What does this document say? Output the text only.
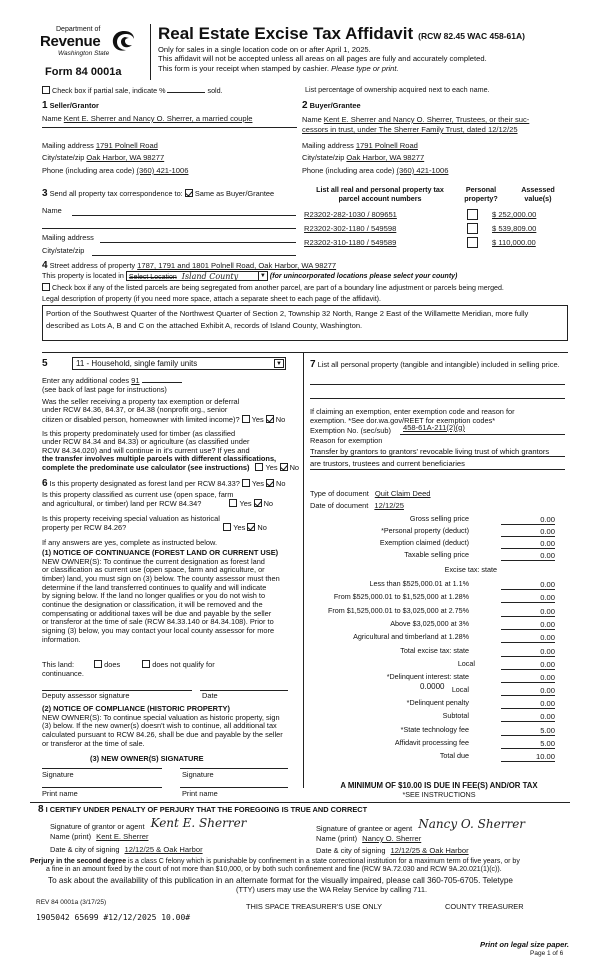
Department of
Revenue
Washington State
Form 84 0001a
Real Estate Excise Tax Affidavit (RCW 82.45 WAC 458-61A)
Only for sales in a single location code on or after April 1, 2025.
This affidavit will not be accepted unless all areas on all pages are fully and accurately completed.
This form is your receipt when stamped by cashier. Please type or print.
Check box if partial sale, indicate %	sold.	List percentage of ownership acquired next to each name.
1 Seller/Grantor
Name Kent E. Sherrer and Nancy O. Sherrer, a married couple
Mailing address 1791 Polnell Road
City/state/zip Oak Harbor, WA 98277
Phone (including area code) (360) 421-1006
2 Buyer/Grantee
Name Kent E. Sherrer and Nancy O. Sherrer, Trustees, or their suc-
cessors in trust, under The Sherrer Family Trust, dated 12/12/25
Mailing address 1791 Polnell Road
City/state/zip Oak Harbor, WA 98277
Phone (including area code) (360) 421-1006
3 Send all property tax correspondence to: Same as Buyer/Grantee
Name
Mailing address
City/state/zip
List all real and personal property tax
parcel account numbers
Personal
property?
Assessed
value(s)
R23202-282-1030 / 809651	$ 252,000.00
R23202-302-1180 / 549598	$ 539,809.00
R23202-310-1180 / 549589	$ 110,000.00
4 Street address of property 1787, 1791 and 1801 Polnell Road, Oak Harbor, WA 98277
This property is located in Select Location Island County	▼ (for unincorporated locations please select your county)
Check box if any of the listed parcels are being segregated from another parcel, are part of a boundary line adjustment or parcels being merged.
Legal description of property (if you need more space, attach a separate sheet to each page of the affidavit).
Portion of the Southwest Quarter of the Northwest Quarter of Section 2, Township 32 North, Range 2 East of the Willamette Meridian, more fully
described as Lots A, B and C on the attached Exhibit A, records of Island County, Washington.
5	11 - Household, single family units	▼
Enter any additional codes 91
(see back of last page for instructions)
Was the seller receiving a property tax exemption or deferral
under RCW 84.36, 84.37, or 84.38 (nonprofit org., senior
citizen or disabled person, homeowner with limited income)? Yes No
Is this property predominately used for timber (as classified
under RCW 84.34 and 84.33) or agriculture (as classified under
RCW 84.34.020) and will continue in it's current use? If yes and
the transfer involves multiple parcels with different classifications,
complete the predominate use calculator (see instructions) Yes No
6 Is this property designated as forest land per RCW 84.33? Yes No
Is this property classified as current use (open space, farm
and agricultural, or timber) land per RCW 84.34?	Yes No
Is this property receiving special valuation as historical
property per RCW 84.26?	Yes No
If any answers are yes, complete as instructed below.
(1) NOTICE OF CONTINUANCE (FOREST LAND OR CURRENT USE)
NEW OWNER(S): To continue the current designation as forest land
or classification as current use (open space, farm and agriculture, or
timber) land, you must sign on (3) below. The county assessor must then
determine if the land transferred continues to qualify and will indicate
by signing below. If the land no longer qualifies or you do not wish to
continue the designation or classification, it will be removed and the
compensating or additional taxes will be due and payable by the seller
or transferor at the time of sale (RCW 84.33.140 or 84.34.108). Prior to
signing (3) below, you may contact your local county assessor for more
information.
This land:	does	does not qualify for
continuance.
Deputy assessor signature	Date
(2) NOTICE OF COMPLIANCE (HISTORIC PROPERTY)
NEW OWNER(S): To continue special valuation as historic property, sign
(3) below. If the new owner(s) doesn't wish to continue, all additional tax
calculated pursuant to RCW 84.26, shall be due and payable by the seller
or transferor at the time of sale.
(3) NEW OWNER(S) SIGNATURE
Signature	Signature
Print name	Print name
7 List all personal property (tangible and intangible) included in selling price.
If claiming an exemption, enter exemption code and reason for
exemption. *See dor.wa.gov/REET for exemption codes*
Exemption No. (sec/sub) 458-61A-211(2)(g)
Reason for exemption
Transfer by grantors to grantors' revocable living trust of which grantors
are trustors, trustees and current beneficiaries
Type of document Quit Claim Deed
Date of document 12/12/25
Gross selling price	0.00
*Personal property (deduct)	0.00
Exemption claimed (deduct)	0.00
Taxable selling price	0.00
Excise tax: state
Less than $525,000.01 at 1.1%	0.00
From $525,000.01 to $1,525,000 at 1.28%	0.00
From $1,525,000.01 to $3,025,000 at 2.75%	0.00
Above $3,025,000 at 3%	0.00
Agricultural and timberland at 1.28%	0.00
Total excise tax: state	0.00
Local	0.00
*Delinquent interest: state	0.00
Local	0.00
*Delinquent penalty	0.00
Subtotal	0.00
*State technology fee	5.00
Affidavit processing fee	5.00
Total due	10.00
0.0000
A MINIMUM OF $10.00 IS DUE IN FEE(S) AND/OR TAX
*SEE INSTRUCTIONS
8 I CERTIFY UNDER PENALTY OF PERJURY THAT THE FOREGOING IS TRUE AND CORRECT
Signature of grantor or agent Kent E. Sherrer
Name (print) Kent E. Sherrer
Date & city of signing 12/12/25 & Oak Harbor
Signature of grantee or agent Nancy O. Sherrer
Name (print) Nancy O. Sherrer
Date & city of signing 12/12/25 & Oak Harbor
Perjury in the second degree is a class C felony which is punishable by confinement in a state correctional institution for a maximum term of five years, or by
a fine in an amount fixed by the court of not more than $10,000, or by both such confinement and fine (RCW 9A.72.030 and RCW 9A.20.021(1)(c)).
To ask about the availability of this publication in an alternate format for the visually impaired, please call 360-705-6705. Teletype
(TTY) users may use the WA Relay Service by calling 711.
REV 84 0001a (3/17/25)	THIS SPACE TREASURER'S USE ONLY	COUNTY TREASURER
1905042 65699 #12/12/2025 10.00#
Print on legal size paper.
Page 1 of 6
